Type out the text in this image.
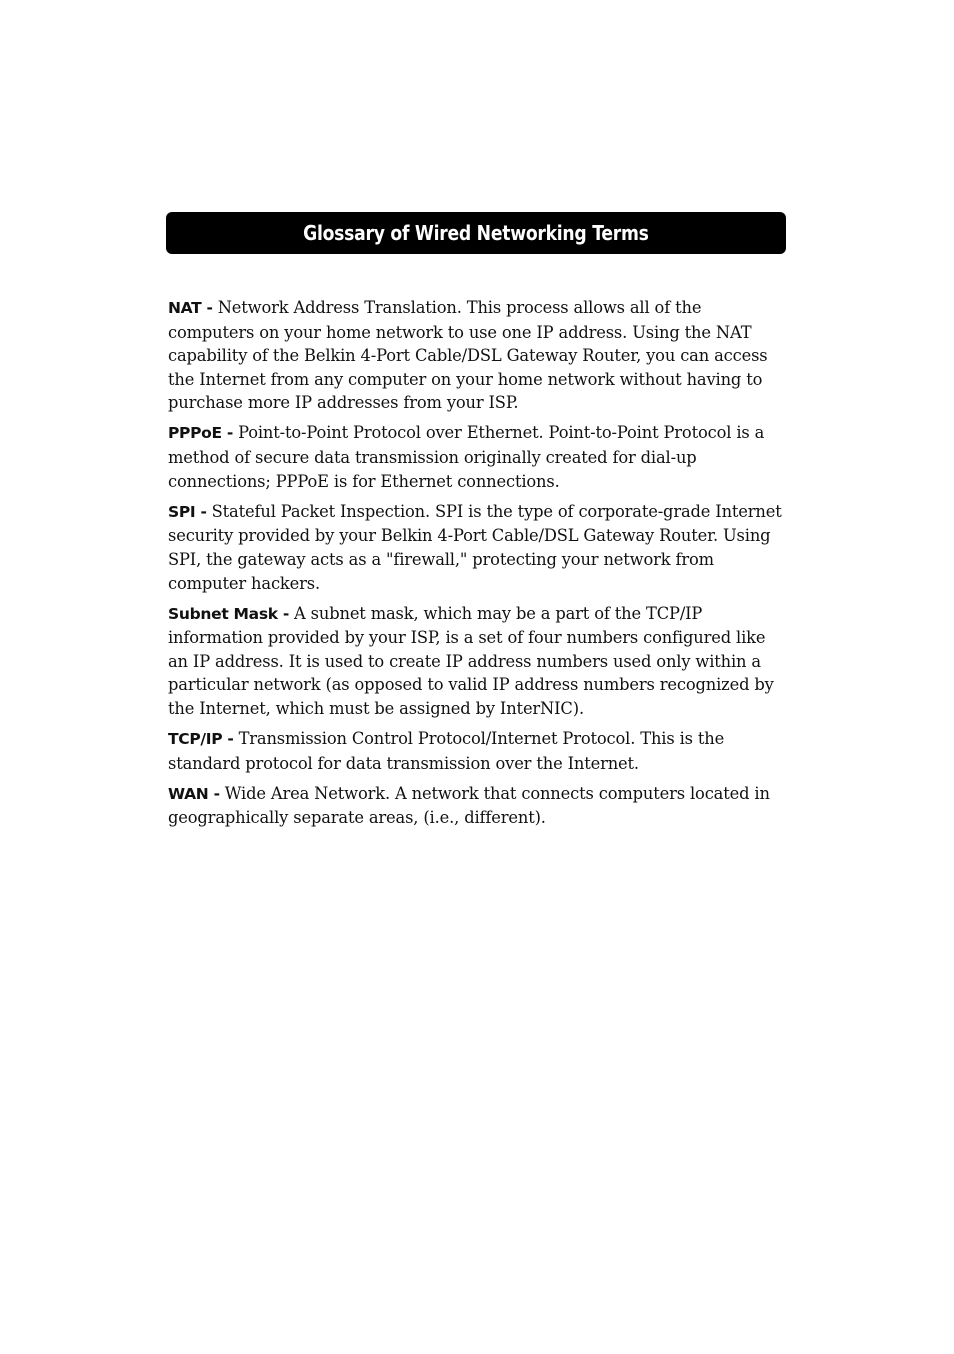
Glossary of Wired Networking Terms

NAT - Network Address Translation. This process allows all of the computers on your home network to use one IP address. Using the NAT capability of the Belkin 4-Port Cable/DSL Gateway Router, you can access the Internet from any computer on your home network without having to purchase more IP addresses from your ISP.

PPPoE - Point-to-Point Protocol over Ethernet. Point-to-Point Protocol is a method of secure data transmission originally created for dial-up connections; PPPoE is for Ethernet connections.

SPI - Stateful Packet Inspection. SPI is the type of corporate-grade Internet security provided by your Belkin 4-Port Cable/DSL Gateway Router. Using SPI, the gateway acts as a "firewall," protecting your network from computer hackers.

Subnet Mask - A subnet mask, which may be a part of the TCP/IP information provided by your ISP, is a set of four numbers configured like an IP address. It is used to create IP address numbers used only within a particular network (as opposed to valid IP address numbers recognized by the Internet, which must be assigned by InterNIC).

TCP/IP - Transmission Control Protocol/Internet Protocol. This is the standard protocol for data transmission over the Internet.

WAN - Wide Area Network. A network that connects computers located in geographically separate areas, (i.e., different).
